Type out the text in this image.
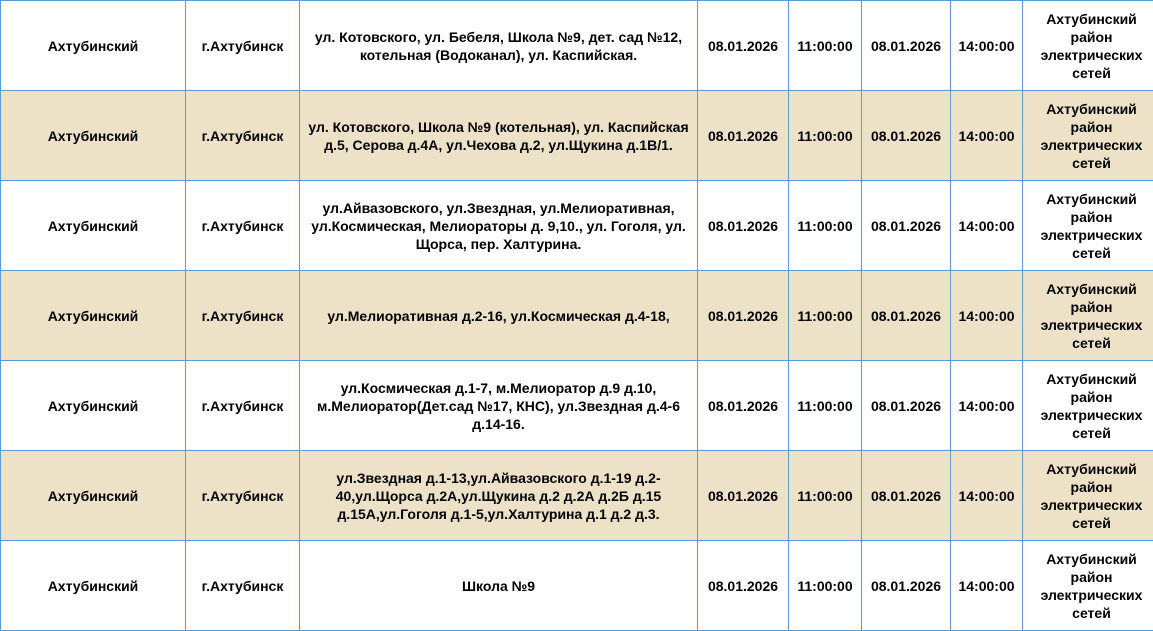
Ахтубинский	г.Ахтубинск	ул. Котовского, ул. Бебеля, Школа №9, дет. сад №12, котельная (Водоканал), ул. Каспийская.	08.01.2026	11:00:00	08.01.2026	14:00:00	Ахтубинский район электрических сетей
Ахтубинский	г.Ахтубинск	ул. Котовского, Школа №9 (котельная), ул. Каспийская д.5, Серова д.4А, ул.Чехова д.2, ул.Щукина д.1В/1.	08.01.2026	11:00:00	08.01.2026	14:00:00	Ахтубинский район электрических сетей
Ахтубинский	г.Ахтубинск	ул.Айвазовского, ул.Звездная, ул.Мелиоративная, ул.Космическая, Мелиораторы д. 9,10., ул. Гоголя, ул. Щорса, пер. Халтурина.	08.01.2026	11:00:00	08.01.2026	14:00:00	Ахтубинский район электрических сетей
Ахтубинский	г.Ахтубинск	ул.Мелиоративная д.2-16, ул.Космическая д.4-18,	08.01.2026	11:00:00	08.01.2026	14:00:00	Ахтубинский район электрических сетей
Ахтубинский	г.Ахтубинск	ул.Космическая д.1-7, м.Мелиоратор д.9 д.10, м.Мелиоратор(Дет.сад №17, КНС), ул.Звездная д.4-6 д.14-16.	08.01.2026	11:00:00	08.01.2026	14:00:00	Ахтубинский район электрических сетей
Ахтубинский	г.Ахтубинск	ул.Звездная д.1-13,ул.Айвазовского д.1-19 д.2-40,ул.Щорса д.2А,ул.Щукина д.2 д.2А д.2Б д.15 д.15А,ул.Гоголя д.1-5,ул.Халтурина д.1 д.2 д.3.	08.01.2026	11:00:00	08.01.2026	14:00:00	Ахтубинский район электрических сетей
Ахтубинский	г.Ахтубинск	Школа №9	08.01.2026	11:00:00	08.01.2026	14:00:00	Ахтубинский район электрических сетей
